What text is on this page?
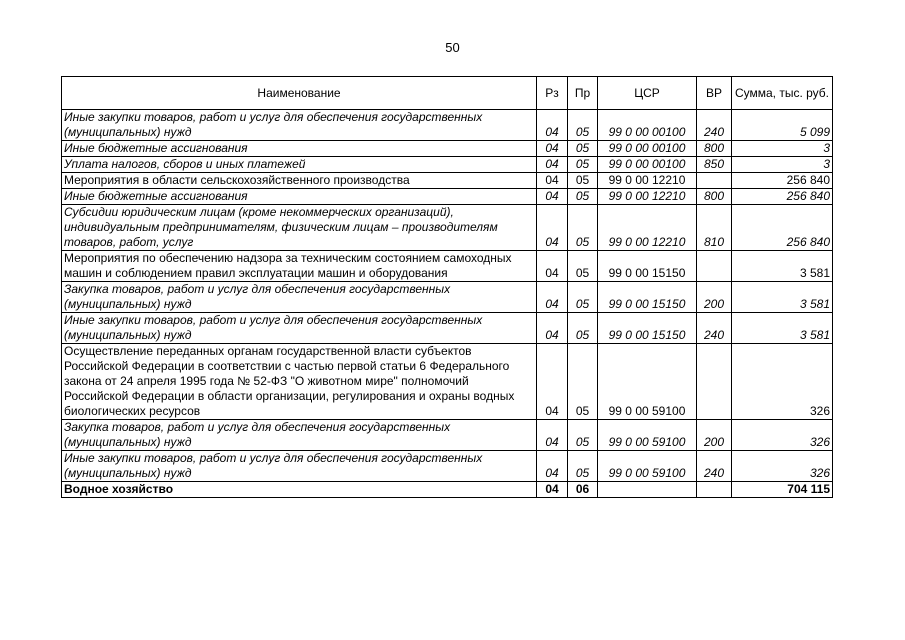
50
Наименование	Рз	Пр	ЦСР	ВР	Сумма, тыс. руб.
Иные закупки товаров, работ и услуг для обеспечения государственных (муниципальных) нужд	04	05	99 0 00 00100	240	5 099
Иные бюджетные ассигнования	04	05	99 0 00 00100	800	3
Уплата налогов, сборов и иных платежей	04	05	99 0 00 00100	850	3
Мероприятия в области сельскохозяйственного производства	04	05	99 0 00 12210		256 840
Иные бюджетные ассигнования	04	05	99 0 00 12210	800	256 840
Субсидии юридическим лицам (кроме некоммерческих организаций), индивидуальным предпринимателям, физическим лицам – производителям товаров, работ, услуг	04	05	99 0 00 12210	810	256 840
Мероприятия по обеспечению надзора за техническим состоянием самоходных машин и соблюдением правил эксплуатации машин и оборудования	04	05	99 0 00 15150		3 581
Закупка товаров, работ и услуг для обеспечения государственных (муниципальных) нужд	04	05	99 0 00 15150	200	3 581
Иные закупки товаров, работ и услуг для обеспечения государственных (муниципальных) нужд	04	05	99 0 00 15150	240	3 581
Осуществление переданных органам государственной власти субъектов Российской Федерации в соответствии с частью первой статьи 6 Федерального закона от 24 апреля 1995 года № 52-ФЗ "О животном мире" полномочий Российской Федерации в области организации, регулирования и охраны водных биологических ресурсов	04	05	99 0 00 59100		326
Закупка товаров, работ и услуг для обеспечения государственных (муниципальных) нужд	04	05	99 0 00 59100	200	326
Иные закупки товаров, работ и услуг для обеспечения государственных (муниципальных) нужд	04	05	99 0 00 59100	240	326
Водное хозяйство	04	06			704 115
